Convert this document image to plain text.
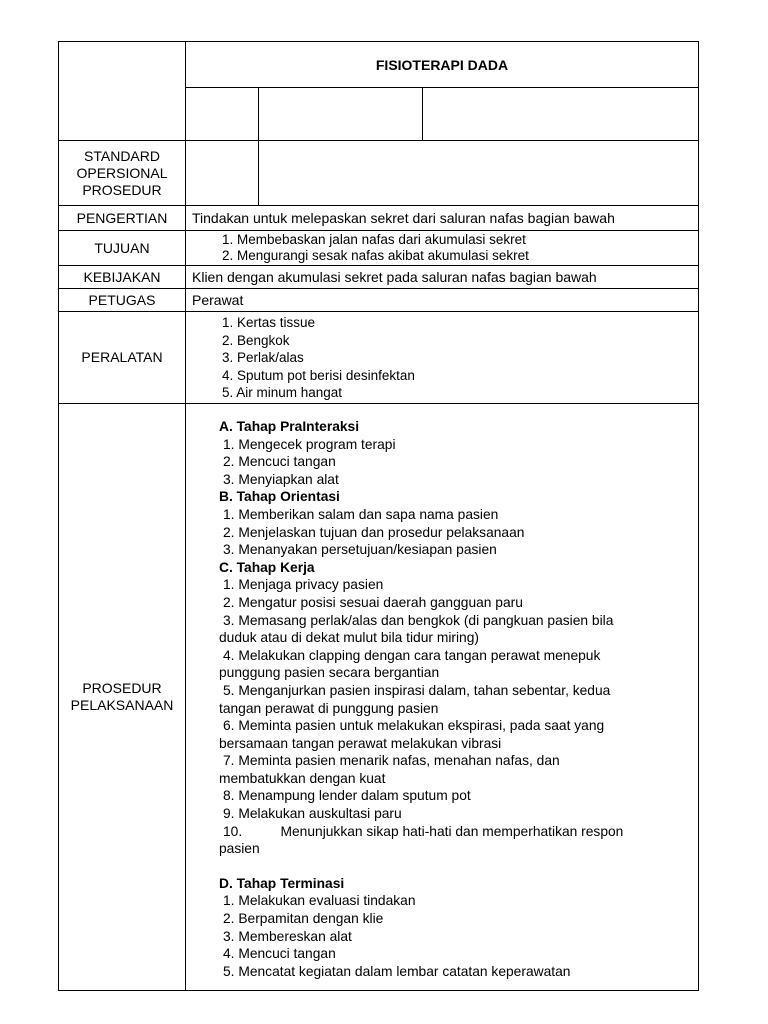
FISIOTERAPI DADA
STANDARD OPERSIONAL PROSEDUR
PENGERTIAN Tindakan untuk melepaskan sekret dari saluran nafas bagian bawah
TUJUAN	1. Membebaskan jalan nafas dari akumulasi sekret
2. Mengurangi sesak nafas akibat akumulasi sekret
KEBIJAKAN Klien dengan akumulasi sekret pada saluran nafas bagian bawah
PETUGAS	Perawat
PERALATAN
1. Kertas tissue
2. Bengkok
3. Perlak/alas
4. Sputum pot berisi desinfektan
5. Air minum hangat
PROSEDUR PELAKSANAAN
A. Tahap PraInteraksi
1. Mengecek program terapi
2. Mencuci tangan
3. Menyiapkan alat
B. Tahap Orientasi
1. Memberikan salam dan sapa nama pasien
2. Menjelaskan tujuan dan prosedur pelaksanaan
3. Menanyakan persetujuan/kesiapan pasien
C. Tahap Kerja
1. Menjaga privacy pasien
2. Mengatur posisi sesuai daerah gangguan paru
3. Memasang perlak/alas dan bengkok (di pangkuan pasien bila
duduk atau di dekat mulut bila tidur miring)
4. Melakukan clapping dengan cara tangan perawat menepuk
punggung pasien secara bergantian
5. Menganjurkan pasien inspirasi dalam, tahan sebentar, kedua
tangan perawat di punggung pasien
6. Meminta pasien untuk melakukan ekspirasi, pada saat yang
bersamaan tangan perawat melakukan vibrasi
7. Meminta pasien menarik nafas, menahan nafas, dan
membatukkan dengan kuat
8. Menampung lender dalam sputum pot
9. Melakukan auskultasi paru
10.          Menunjukkan sikap hati-hati dan memperhatikan respon
pasien
D. Tahap Terminasi
1. Melakukan evaluasi tindakan
2. Berpamitan dengan klie
3. Membereskan alat
4. Mencuci tangan
5. Mencatat kegiatan dalam lembar catatan keperawatan
